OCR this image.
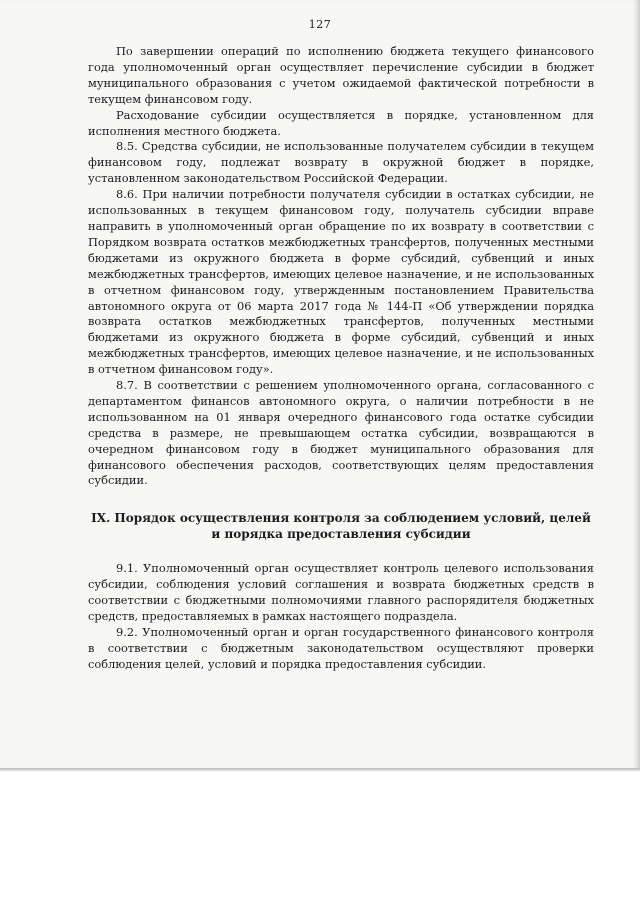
127

По завершении операций по исполнению бюджета текущего финансового года уполномоченный орган осуществляет перечисление субсидии в бюджет муниципального образования с учетом ожидаемой фактической потребности в текущем финансовом году.

Расходование субсидии осуществляется в порядке, установленном для исполнения местного бюджета.

8.5. Средства субсидии, не использованные получателем субсидии в текущем финансовом году, подлежат возврату в окружной бюджет в порядке, установленном законодательством Российской Федерации.

8.6. При наличии потребности получателя субсидии в остатках субсидии, не использованных в текущем финансовом году, получатель субсидии вправе направить в уполномоченный орган обращение по их возврату в соответствии с Порядком возврата остатков межбюджетных трансфертов, полученных местными бюджетами из окружного бюджета в форме субсидий, субвенций и иных межбюджетных трансфертов, имеющих целевое назначение, и не использованных в отчетном финансовом году, утвержденным постановлением Правительства автономного округа от 06 марта 2017 года № 144-П «Об утверждении порядка возврата остатков межбюджетных трансфертов, полученных местными бюджетами из окружного бюджета в форме субсидий, субвенций и иных межбюджетных трансфертов, имеющих целевое назначение, и не использованных в отчетном финансовом году».

8.7. В соответствии с решением уполномоченного органа, согласованного с департаментом финансов автономного округа, о наличии потребности в не использованном на 01 января очередного финансового года остатке субсидии средства в размере, не превышающем остатка субсидии, возвращаются в очередном финансовом году в бюджет муниципального образования для финансового обеспечения расходов, соответствующих целям предоставления субсидии.

IX. Порядок осуществления контроля за соблюдением условий, целей
и порядка предоставления субсидии

9.1. Уполномоченный орган осуществляет контроль целевого использования субсидии, соблюдения условий соглашения и возврата бюджетных средств в соответствии с бюджетными полномочиями главного распорядителя бюджетных средств, предоставляемых в рамках настоящего подраздела.

9.2. Уполномоченный орган и орган государственного финансового контроля в соответствии с бюджетным законодательством осуществляют проверки соблюдения целей, условий и порядка предоставления субсидии.
